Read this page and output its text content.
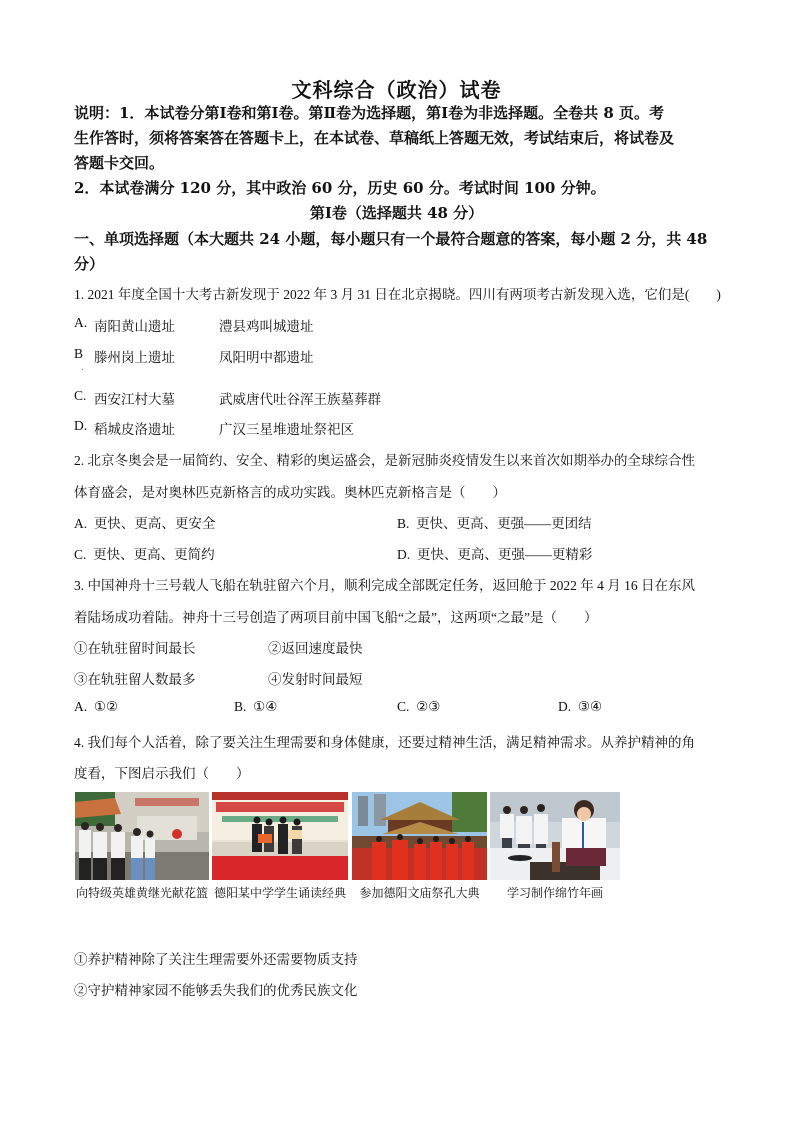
文科综合（政治）试卷
说明：1．本试卷分第Ⅰ卷和第Ⅰ卷。第Ⅱ卷为选择题，第Ⅰ卷为非选择题。全卷共 8 页。考
生作答时，须将答案答在答题卡上，在本试卷、草稿纸上答题无效，考试结束后，将试卷及
答题卡交回。
2．本试卷满分 120 分，其中政治 60 分，历史 60 分。考试时间 100 分钟。
第Ⅰ卷（选择题共 48 分）
一、单项选择题（本大题共 24 小题，每小题只有一个最符合题意的答案，每小题 2 分，共 48
分）
1. 2021 年度全国十大考古新发现于 2022 年 3 月 31 日在北京揭晓。四川有两项考古新发现入选，它们是(　　)
A. 南阳黄山遗址	澧县鸡叫城遗址
B 滕州岗上遗址	凤阳明中都遗址
C. 西安江村大墓	武威唐代吐谷浑王族墓葬群
D. 稻城皮洛遗址	广汉三星堆遗址祭祀区
2. 北京冬奥会是一届简约、安全、精彩的奥运盛会，是新冠肺炎疫情发生以来首次如期举办的全球综合性
体育盛会，是对奥林匹克新格言的成功实践。奥林匹克新格言是（　　）
A. 更快、更高、更安全	B. 更快、更高、更强——更团结
C. 更快、更高、更简约	D. 更快、更高、更强——更精彩
3. 中国神舟十三号载人飞船在轨驻留六个月，顺利完成全部既定任务，返回舱于 2022 年 4 月 16 日在东风
着陆场成功着陆。神舟十三号创造了两项目前中国飞船“之最”，这两项“之最”是（　　）
①在轨驻留时间最长	②返回速度最快
③在轨驻留人数最多	④发射时间最短
A. ①②	B. ①④	C. ②③	D. ③④
4. 我们每个人活着，除了要关注生理需要和身体健康，还要过精神生活，满足精神需求。从养护精神的角
度看，下图启示我们（　　）
向特级英雄黄继光献花篮 德阳某中学学生诵读经典	参加德阳文庙祭孔大典	学习制作绵竹年画
①养护精神除了关注生理需要外还需要物质支持
②守护精神家园不能够丢失我们的优秀民族文化
